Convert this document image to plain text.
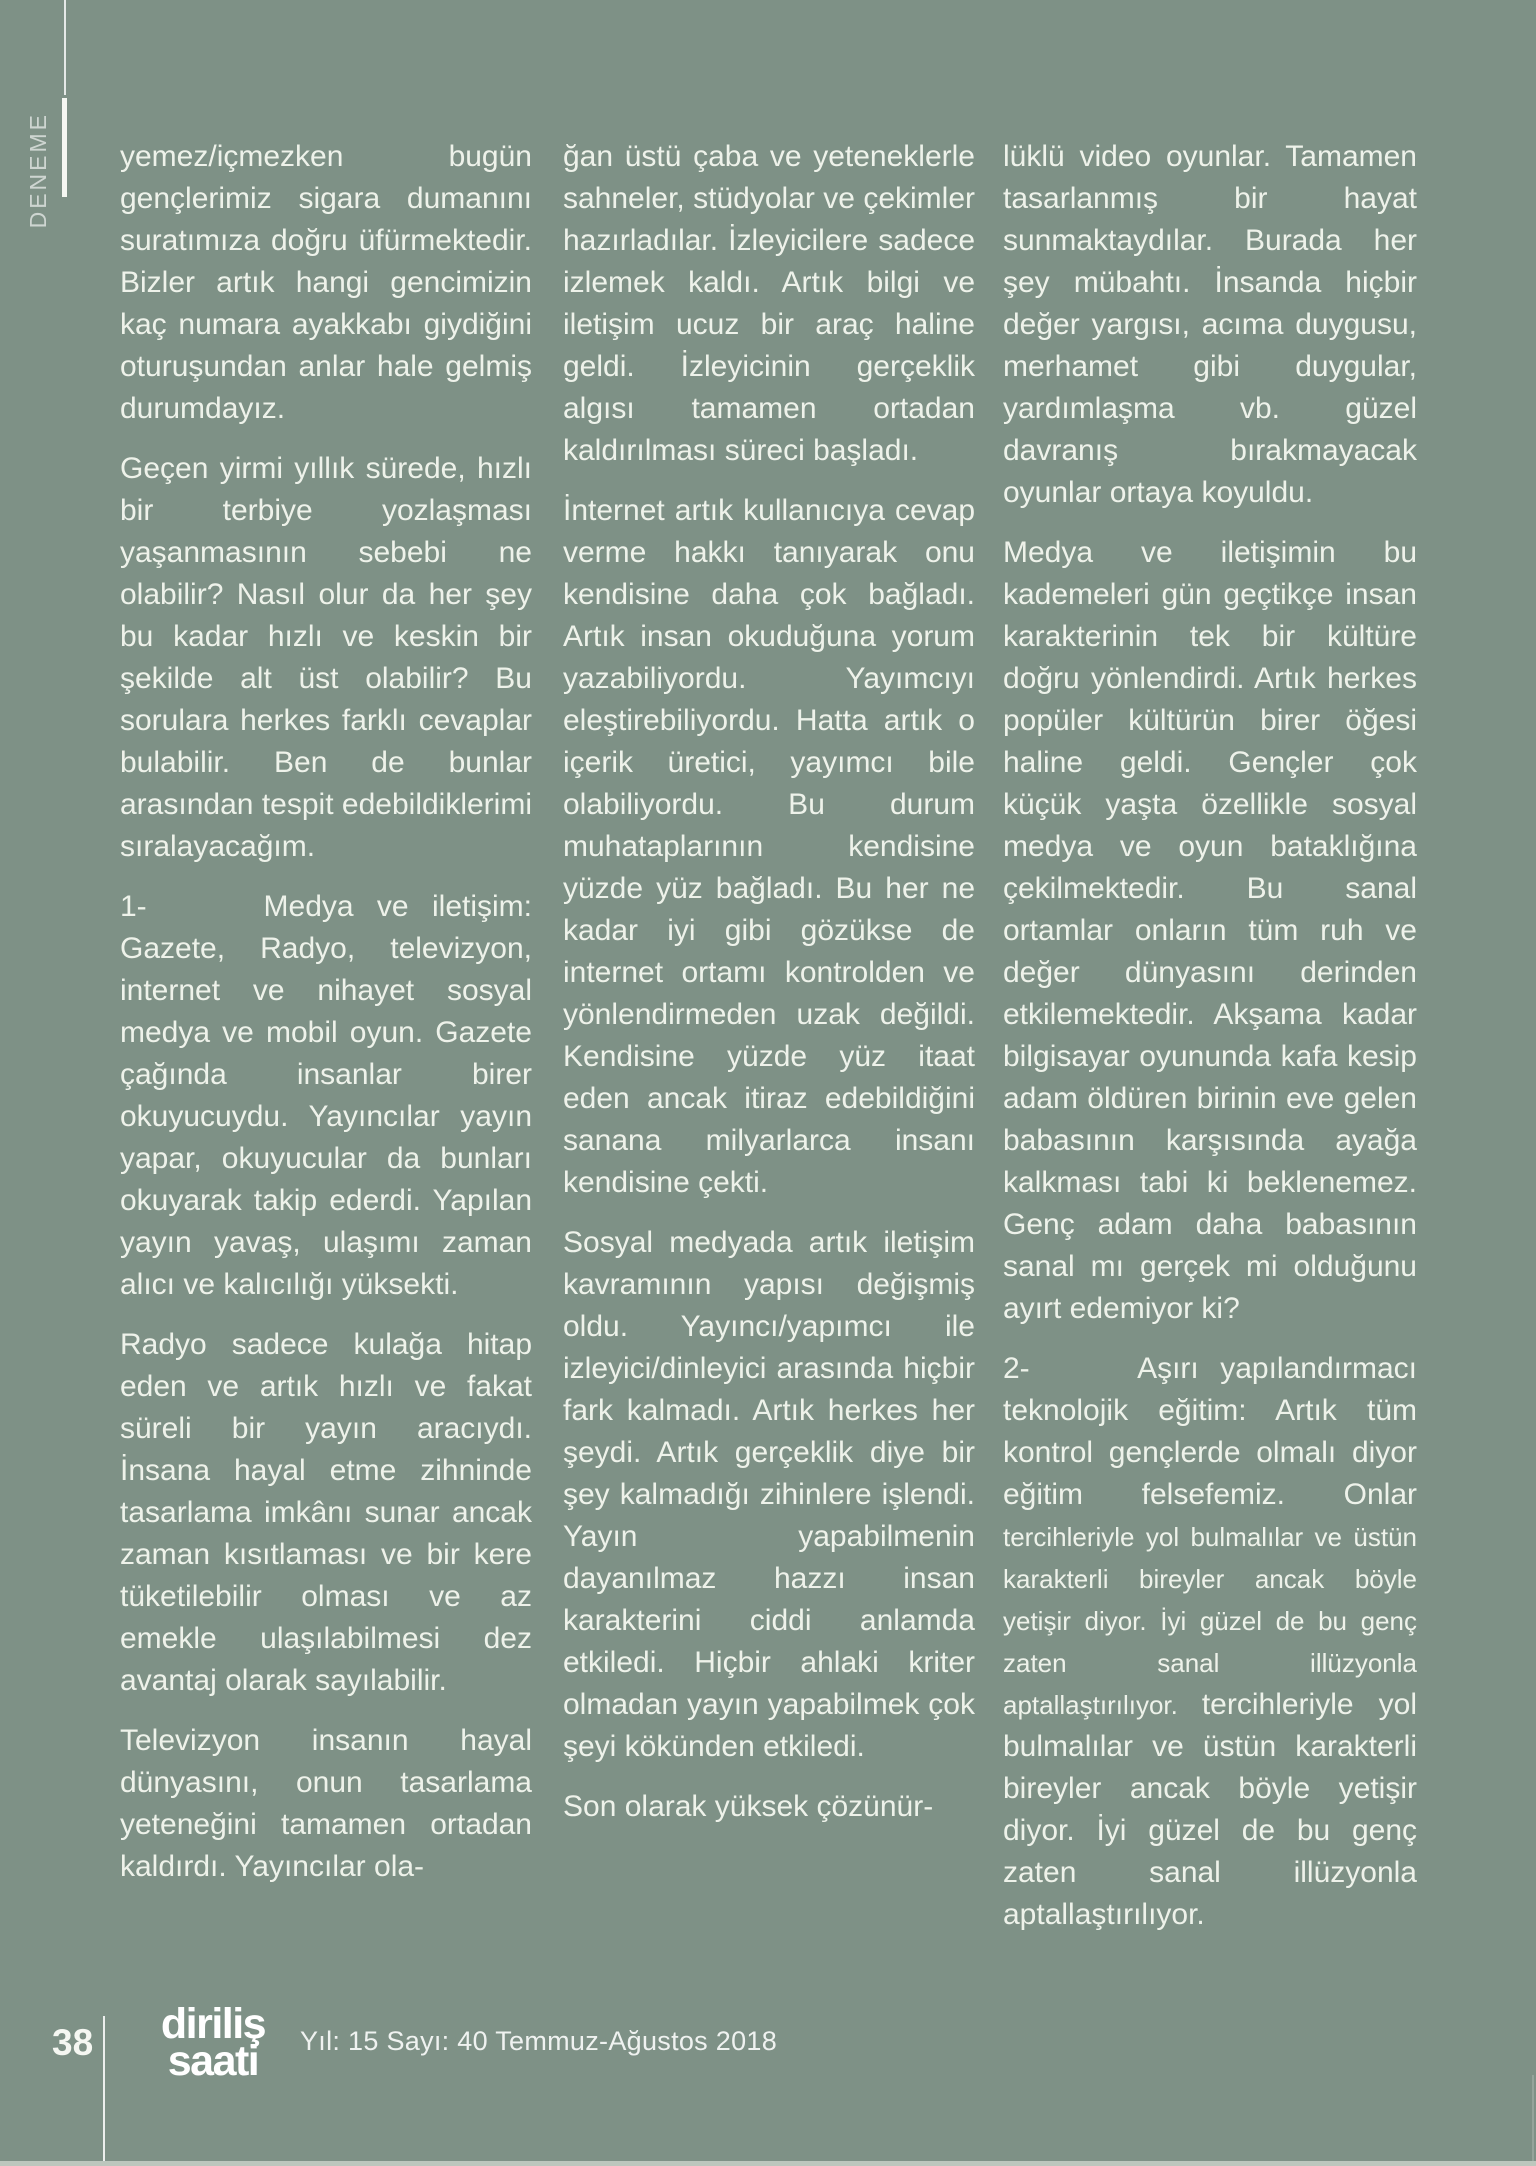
DENEME yemez/içmezken bugün gençlerimiz sigara dumanını suratımıza doğru üfürmektedir. Bizler artık hangi gencimizin kaç numara ayakkabı giydiğini oturuşundan anlar hale gelmiş durumdayız.

Geçen yirmi yıllık sürede, hızlı bir terbiye yozlaşması yaşanmasının sebebi ne olabilir? Nasıl olur da her şey bu kadar hızlı ve keskin bir şekilde alt üst olabilir? Bu sorulara herkes farklı cevaplar bulabilir. Ben de bunlar arasından tespit edebildiklerimi sıralayacağım.

1-     Medya ve iletişim: Gazete, Radyo, televizyon, internet ve nihayet sosyal medya ve mobil oyun. Gazete çağında insanlar birer okuyucuydu. Yayıncılar yayın yapar, okuyucular da bunları okuyarak takip ederdi. Yapılan yayın yavaş, ulaşımı zaman alıcı ve kalıcılığı yüksekti.

Radyo sadece kulağa hitap eden ve artık hızlı ve fakat süreli bir yayın aracıydı. İnsana hayal etme zihninde tasarlama imkânı sunar ancak zaman kısıtlaması ve bir kere tüketilebilir olması ve az emekle ulaşılabilmesi dez avantaj olarak sayılabilir.

Televizyon insanın hayal dünyasını, onun tasarlama yeteneğini tamamen ortadan kaldırdı. Yayıncılar ola-

ğan üstü çaba ve yeteneklerle sahneler, stüdyolar ve çekimler hazırladılar. İzleyicilere sadece izlemek kaldı. Artık bilgi ve iletişim ucuz bir araç haline geldi. İzleyicinin gerçeklik algısı tamamen ortadan kaldırılması süreci başladı.

İnternet artık kullanıcıya cevap verme hakkı tanıyarak onu kendisine daha çok bağladı. Artık insan okuduğuna yorum yazabiliyordu. Yayımcıyı eleştirebiliyordu. Hatta artık o içerik üretici, yayımcı bile olabiliyordu. Bu durum muhataplarının kendisine yüzde yüz bağladı. Bu her ne kadar iyi gibi gözükse de internet ortamı kontrolden ve yönlendirmeden uzak değildi. Kendisine yüzde yüz itaat eden ancak itiraz edebildiğini sanana milyarlarca insanı kendisine çekti.

Sosyal medyada artık iletişim kavramının yapısı değişmiş oldu. Yayıncı/yapımcı ile izleyici/dinleyici arasında hiçbir fark kalmadı. Artık herkes her şeydi. Artık gerçeklik diye bir şey kalmadığı zihinlere işlendi. Yayın yapabilmenin dayanılmaz hazzı insan karakterini ciddi anlamda etkiledi. Hiçbir ahlaki kriter olmadan yayın yapabilmek çok şeyi kökünden etkiledi.

Son olarak yüksek çözünür-

lüklü video oyunlar. Tamamen tasarlanmış bir hayat sunmaktaydılar. Burada her şey mübahtı. İnsanda hiçbir değer yargısı, acıma duygusu, merhamet gibi duygular, yardımlaşma vb. güzel davranış bırakmayacak oyunlar ortaya koyuldu.

Medya ve iletişimin bu kademeleri gün geçtikçe insan karakterinin tek bir kültüre doğru yönlendirdi. Artık herkes popüler kültürün birer öğesi haline geldi. Gençler çok küçük yaşta özellikle sosyal medya ve oyun bataklığına çekilmektedir. Bu sanal ortamlar onların tüm ruh ve değer dünyasını derinden etkilemektedir. Akşama kadar bilgisayar oyununda kafa kesip adam öldüren birinin eve gelen babasının karşısında ayağa kalkması tabi ki beklenemez. Genç adam daha babasının sanal mı gerçek mi olduğunu ayırt edemiyor ki?

2-     Aşırı yapılandırmacı teknolojik eğitim: Artık tüm kontrol gençlerde olmalı diyor eğitim felsefemiz. Onlar tercihleriyle yol bulmalılar ve üstün karakterli bireyler ancak böyle yetişir diyor. İyi güzel de bu genç zaten sanal illüzyonla aptallaştırılıyor. tercihleriyle yol bulmalılar ve üstün karakterli bireyler ancak böyle yetişir diyor. İyi güzel de bu genç zaten sanal illüzyonla aptallaştırılıyor.

38 diriliş
saati	Yıl: 15 Sayı: 40 Temmuz-Ağustos 2018
